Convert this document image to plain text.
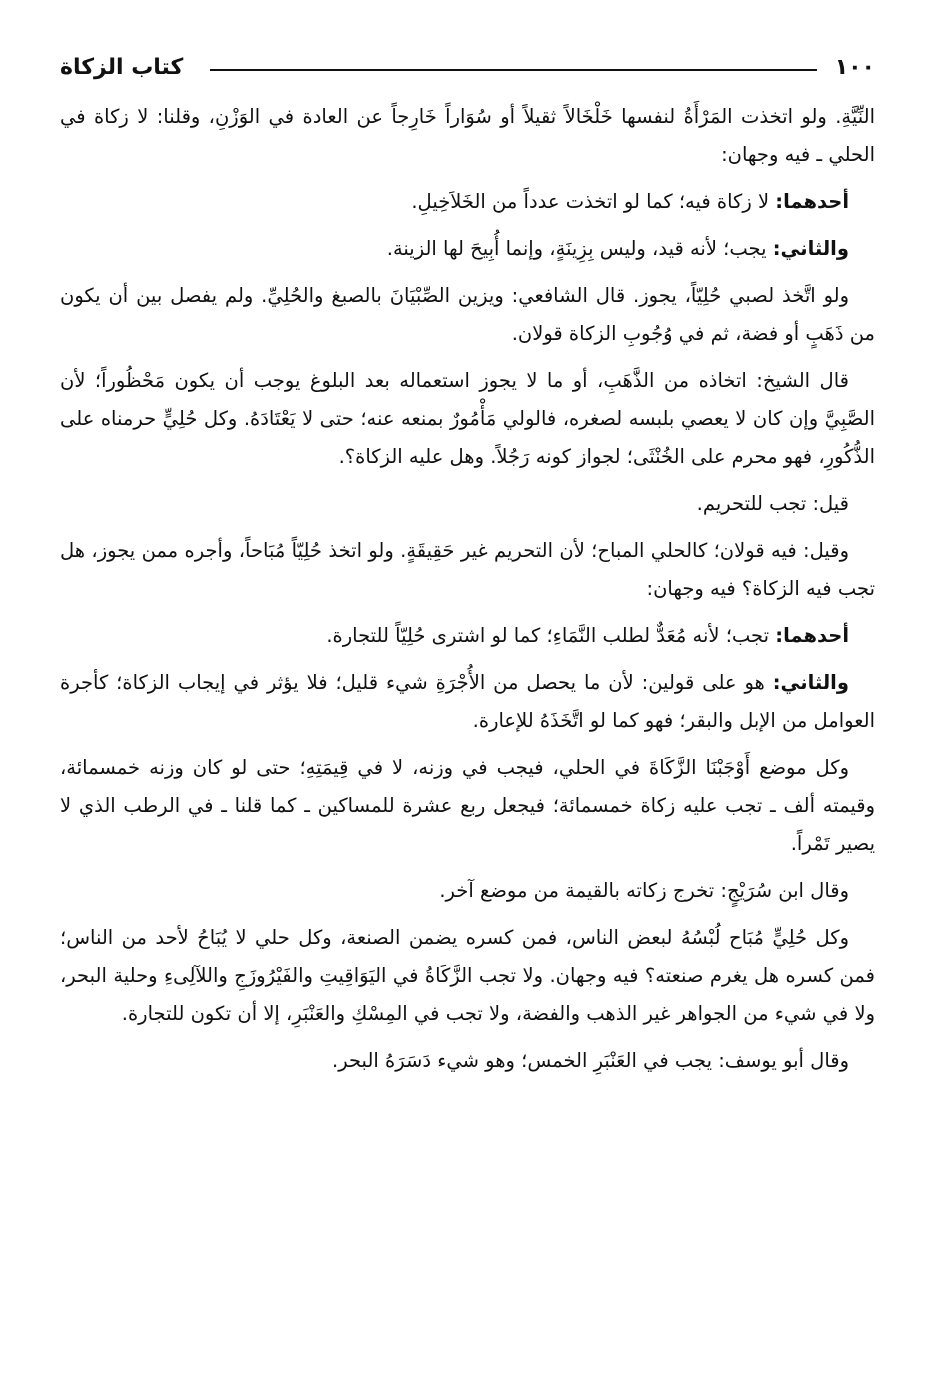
١٠٠
كتاب الزكاة

النِّيَّةِ. ولو اتخذت المَرْأَةُ لنفسها خَلْخَالاً ثقيلاً أو سُوَاراً خَارِجاً عن العادة في الوَزْنِ، وقلنا: لا زكاة في الحلي ـ فيه وجهان:

أحدهما: لا زكاة فيه؛ كما لو اتخذت عدداً من الخَلاَخِيلِ.

والثاني: يجب؛ لأنه قيد، وليس بِزِينَةٍ، وإنما أُبِيحَ لها الزينة.

ولو اتَّخذ لصبي حُلِيّاً، يجوز. قال الشافعي: ويزين الصِّبْيَانَ بالصبغ والحُلِيِّ. ولم يفصل بين أن يكون من ذَهَبٍ أو فضة، ثم في وُجُوبِ الزكاة قولان.

قال الشيخ: اتخاذه من الذَّهَبِ، أو ما لا يجوز استعماله بعد البلوغ يوجب أن يكون مَحْظُوراً؛ لأن الصَّبِيَّ وإن كان لا يعصي بلبسه لصغره، فالولي مَأْمُورٌ بمنعه عنه؛ حتى لا يَعْتَادَهُ. وكل حُلِيٍّ حرمناه على الذُّكُورِ، فهو محرم على الخُنْثَى؛ لجواز كونه رَجُلاً. وهل عليه الزكاة؟.

قيل: تجب للتحريم.

وقيل: فيه قولان؛ كالحلي المباح؛ لأن التحريم غير حَقِيقَةٍ. ولو اتخذ حُلِيّاً مُبَاحاً، وأجره ممن يجوز، هل تجب فيه الزكاة؟ فيه وجهان:

أحدهما: تجب؛ لأنه مُعَدٌّ لطلب النَّمَاءِ؛ كما لو اشترى حُلِيّاً للتجارة.

والثاني: هو على قولين: لأن ما يحصل من الأُجْرَةِ شيء قليل؛ فلا يؤثر في إيجاب الزكاة؛ كأجرة العوامل من الإبل والبقر؛ فهو كما لو اتَّخَذَهُ للإعارة.

وكل موضع أَوْجَبْنَا الزَّكَاةَ في الحلي، فيجب في وزنه، لا في قِيمَتِهِ؛ حتى لو كان وزنه خمسمائة، وقيمته ألف ـ تجب عليه زكاة خمسمائة؛ فيجعل ربع عشرة للمساكين ـ كما قلنا ـ في الرطب الذي لا يصير تَمْراً.

وقال ابن سُرَيْجٍ: تخرج زكاته بالقيمة من موضع آخر.

وكل حُلِيٍّ مُبَاح لُبْسُهُ لبعض الناس، فمن كسره يضمن الصنعة، وكل حلي لا يُبَاحُ لأحد من الناس؛ فمن كسره هل يغرم صنعته؟ فيه وجهان. ولا تجب الزَّكَاةُ في اليَوَاقِيتِ والفَيْرُوزَجِ واللآلِىءِ وحلية البحر، ولا في شيء من الجواهر غير الذهب والفضة، ولا تجب في المِسْكِ والعَنْبَرِ، إلا أن تكون للتجارة.

وقال أبو يوسف: يجب في العَنْبَرِ الخمس؛ وهو شيء دَسَرَهُ البحر.
